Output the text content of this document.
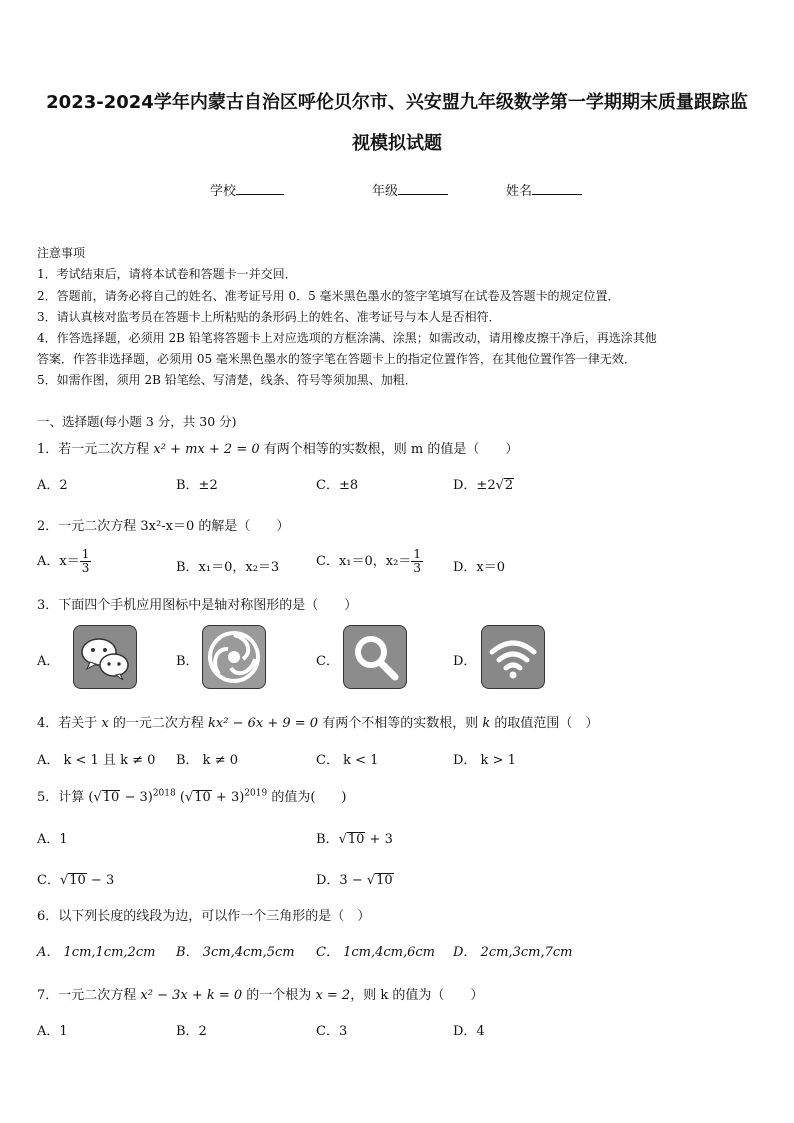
2023-2024学年内蒙古自治区呼伦贝尔市、兴安盟九年级数学第一学期期末质量跟踪监
视模拟试题
学校	年级	姓名
注意事项
1．考试结束后，请将本试卷和答题卡一并交回．
2．答题前，请务必将自己的姓名、准考证号用 0．5 毫米黑色墨水的签字笔填写在试卷及答题卡的规定位置．
3．请认真核对监考员在答题卡上所粘贴的条形码上的姓名、准考证号与本人是否相符．
4．作答选择题，必须用 2B 铅笔将答题卡上对应选项的方框涂满、涂黑；如需改动，请用橡皮擦干净后，再选涂其他
答案．作答非选择题，必须用 05 毫米黑色墨水的签字笔在答题卡上的指定位置作答，在其他位置作答一律无效．
5．如需作图，须用 2B 铅笔绘、写清楚，线条、符号等须加黑、加粗．
一、选择题(每小题 3 分，共 30 分)
1．若一元二次方程 x² + mx + 2 = 0 有两个相等的实数根，则 m 的值是（　　）
A．2	B．±2	C．±8	D．±2√2
2．一元二次方程 3x²-x＝0 的解是（　　）
A．$x= \frac{1}{3}$	B．x₁＝0，x₂＝3	C．x₁＝0，$x_2= \frac{1}{3}$ D．x＝0
3．下面四个手机应用图标中是轴对称图形的是（　　）
A．	B．	C．	D．
4．若关于 x 的一元二次方程 kx² − 6x + 9 = 0 有两个不相等的实数根，则 k 的取值范围（　）
A． k < 1 且 k ≠ 0 B． k ≠ 0	C． k < 1	D． k > 1
5．计算 $(√10 - 3)^{2018}$ $(√10 + 3)^{2019}$ 的值为(　　)
A．1	B．√10 + 3
C．√10 − 3	D．3 − √10
6．以下列长度的线段为边，可以作一个三角形的是（　）
A． 1cm,1cm,2cm B． 3cm,4cm,5cm C． 1cm,4cm,6cm D． 2cm,3cm,7cm
7．一元二次方程 x² − 3x + k = 0 的一个根为 x = 2，则 k 的值为（　　）
A．1	B．2	C．3	D．4
